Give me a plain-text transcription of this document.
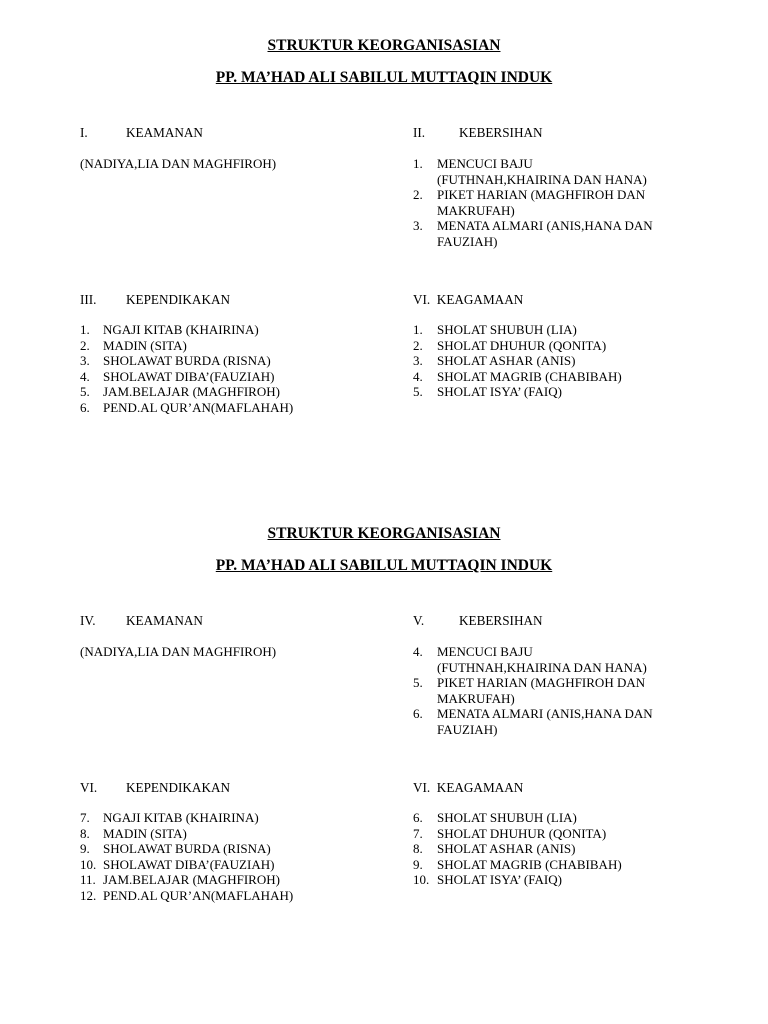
STRUKTUR KEORGANISASIAN
PP. MA’HAD ALI SABILUL MUTTAQIN INDUK
I.	KEAMANAN
(NADIYA,LIA DAN MAGHFIROH)
II.	KEBERSIHAN
1. MENCUCI BAJU
(FUTHNAH,KHAIRINA DAN HANA)
2. PIKET HARIAN (MAGHFIROH DAN
MAKRUFAH)
3. MENATA ALMARI (ANIS,HANA DAN
FAUZIAH)
III. KEPENDIKAKAN
1. NGAJI KITAB (KHAIRINA)
2. MADIN (SITA)
3. SHOLAWAT BURDA (RISNA)
4. SHOLAWAT DIBA’(FAUZIAH)
5. JAM.BELAJAR (MAGHFIROH)
6. PEND.AL QUR’AN(MAFLAHAH)
VI.  KEAGAMAAN
1. SHOLAT SHUBUH (LIA)
2. SHOLAT DHUHUR (QONITA)
3. SHOLAT ASHAR (ANIS)
4. SHOLAT MAGRIB (CHABIBAH)
5. SHOLAT ISYA’ (FAIQ)
STRUKTUR KEORGANISASIAN
PP. MA’HAD ALI SABILUL MUTTAQIN INDUK
IV. KEAMANAN
(NADIYA,LIA DAN MAGHFIROH)
V.	KEBERSIHAN
4. MENCUCI BAJU
(FUTHNAH,KHAIRINA DAN HANA)
5. PIKET HARIAN (MAGHFIROH DAN
MAKRUFAH)
6. MENATA ALMARI (ANIS,HANA DAN
FAUZIAH)
VI. KEPENDIKAKAN
7. NGAJI KITAB (KHAIRINA)
8. MADIN (SITA)
9. SHOLAWAT BURDA (RISNA)
10. SHOLAWAT DIBA’(FAUZIAH)
11. JAM.BELAJAR (MAGHFIROH)
12. PEND.AL QUR’AN(MAFLAHAH)
VI.  KEAGAMAAN
6. SHOLAT SHUBUH (LIA)
7. SHOLAT DHUHUR (QONITA)
8. SHOLAT ASHAR (ANIS)
9. SHOLAT MAGRIB (CHABIBAH)
10. SHOLAT ISYA’ (FAIQ)
